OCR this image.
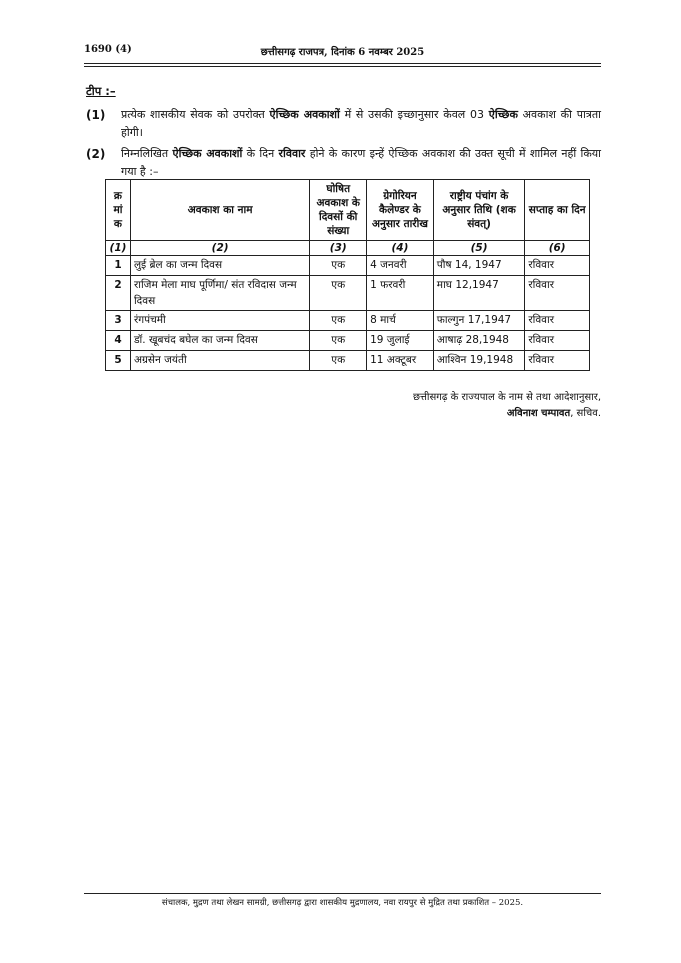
1690 (4)	छत्तीसगढ़ राजपत्र, दिनांक 6 नवम्बर 2025
टीप :–
(1) प्रत्येक शासकीय सेवक को उपरोक्त ऐच्छिक अवकाशों में से उसकी इच्छानुसार केवल 03 ऐच्छिक अवकाश की पात्रता होगी।
(2) निम्नलिखित ऐच्छिक अवकाशों के दिन रविवार होने के कारण इन्हें ऐच्छिक अवकाश की उक्त सूची में शामिल नहीं किया गया है :–
क्र मां क	अवकाश का नाम	घोषित अवकाश के दिवसों की संख्या	ग्रेगोरियन कैलेण्डर के अनुसार तारीख	राष्ट्रीय पंचांग के अनुसार तिथि (शक संवत्)	सप्ताह का दिन
(1)	(2)	(3)	(4)	(5)	(6)
1	लुई ब्रेल का जन्म दिवस	एक	4 जनवरी	पौष 14, 1947	रविवार
2	राजिम मेला माघ पूर्णिमा/ संत रविदास जन्म दिवस	एक	1 फरवरी	माघ 12,1947	रविवार
3	रंगपंचमी	एक	8 मार्च	फाल्गुन 17,1947	रविवार
4	डॉ. खूबचंद बघेल का जन्म दिवस	एक	19 जुलाई	आषाढ़ 28,1948	रविवार
5	अग्रसेन जयंती	एक	11 अक्टूबर	आश्विन 19,1948	रविवार
छत्तीसगढ़ के राज्यपाल के नाम से तथा आदेशानुसार,
अविनाश चम्पावत, सचिव.
संचालक, मुद्रण तथा लेखन सामग्री, छत्तीसगढ़ द्वारा शासकीय मुद्रणालय, नवा रायपुर से मुद्रित तथा प्रकाशित – 2025.
